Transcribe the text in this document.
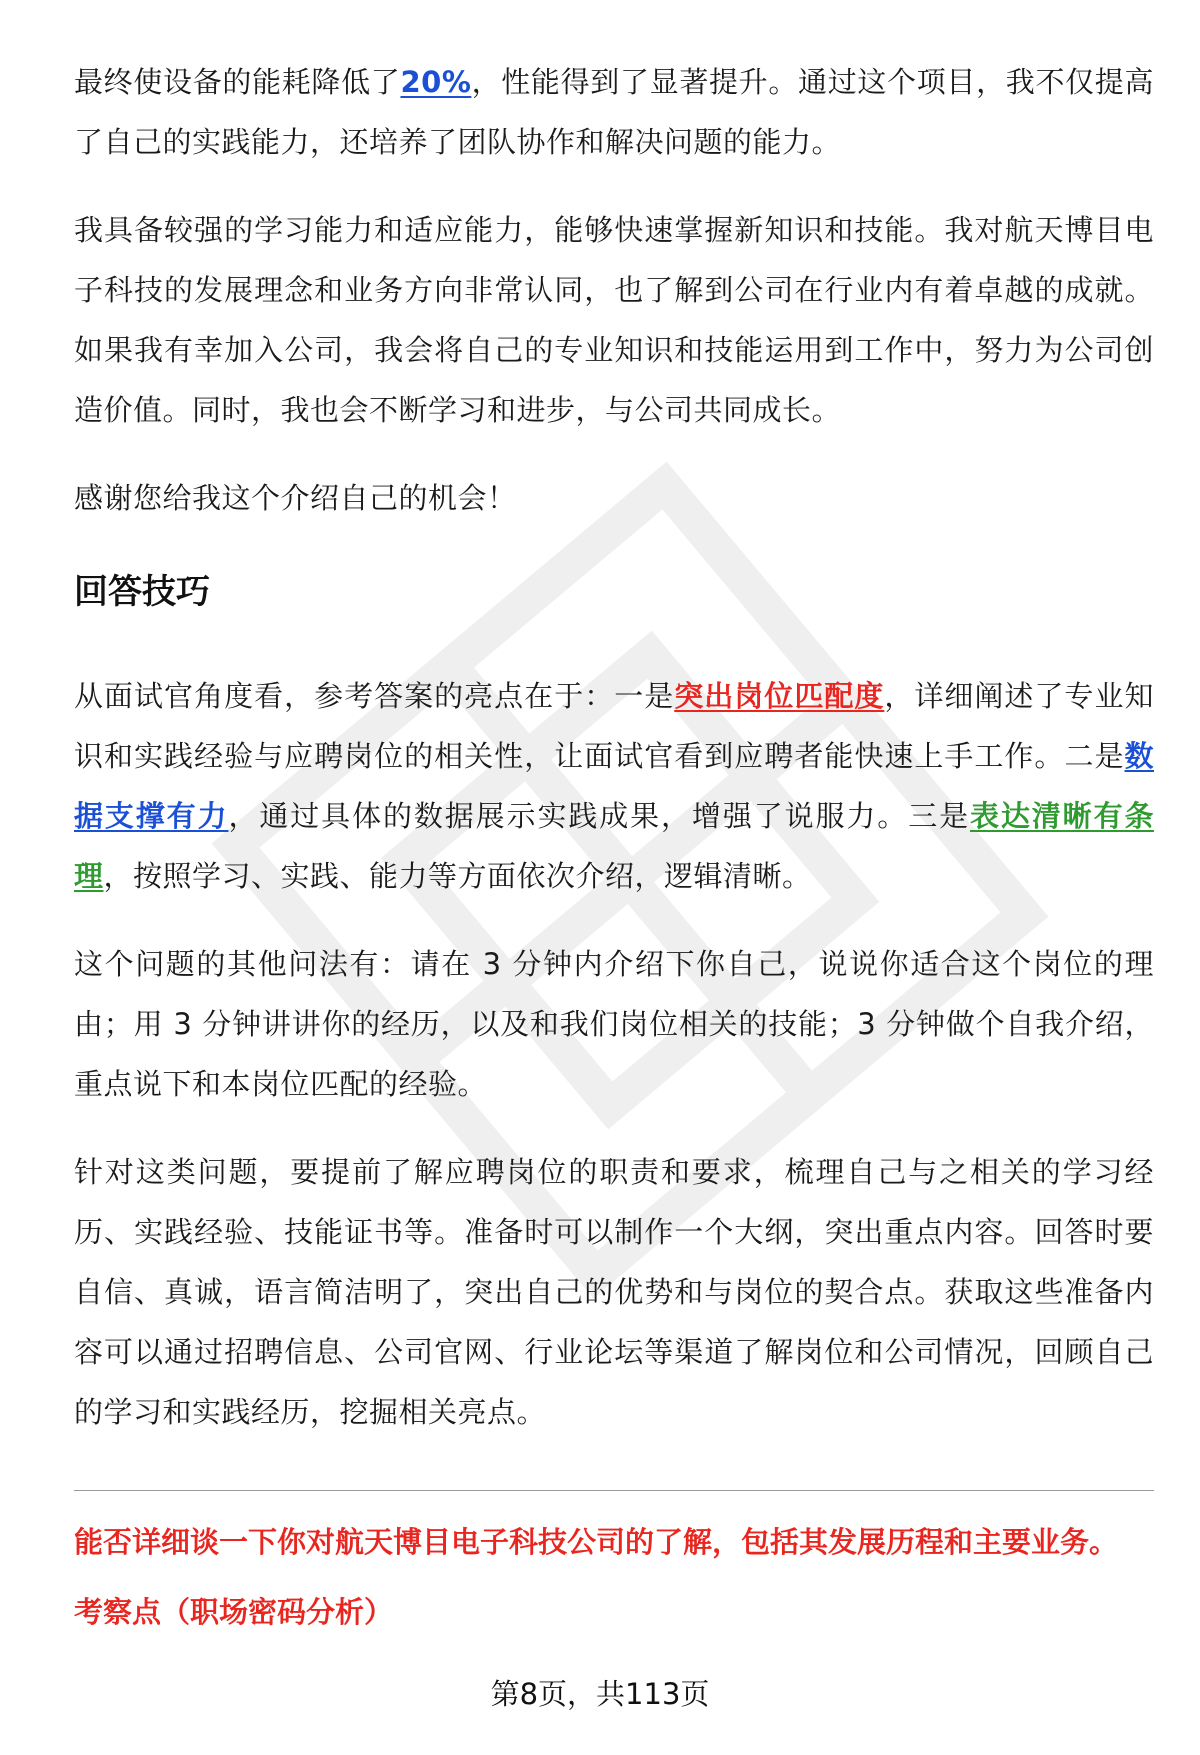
最终使设备的能耗降低了20%，性能得到了显著提升。通过这个项目，我不仅提高了自己的实践能力，还培养了团队协作和解决问题的能力。

我具备较强的学习能力和适应能力，能够快速掌握新知识和技能。我对航天博目电子科技的发展理念和业务方向非常认同，也了解到公司在行业内有着卓越的成就。如果我有幸加入公司，我会将自己的专业知识和技能运用到工作中，努力为公司创造价值。同时，我也会不断学习和进步，与公司共同成长。

感谢您给我这个介绍自己的机会！

回答技巧

从面试官角度看，参考答案的亮点在于：一是突出岗位匹配度，详细阐述了专业知识和实践经验与应聘岗位的相关性，让面试官看到应聘者能快速上手工作。二是数据支撑有力，通过具体的数据展示实践成果，增强了说服力。三是表达清晰有条理，按照学习、实践、能力等方面依次介绍，逻辑清晰。

这个问题的其他问法有：请在 3 分钟内介绍下你自己，说说你适合这个岗位的理由；用 3 分钟讲讲你的经历，以及和我们岗位相关的技能；3 分钟做个自我介绍，重点说下和本岗位匹配的经验。

针对这类问题，要提前了解应聘岗位的职责和要求，梳理自己与之相关的学习经历、实践经验、技能证书等。准备时可以制作一个大纲，突出重点内容。回答时要自信、真诚，语言简洁明了，突出自己的优势和与岗位的契合点。获取这些准备内容可以通过招聘信息、公司官网、行业论坛等渠道了解岗位和公司情况，回顾自己的学习和实践经历，挖掘相关亮点。

能否详细谈一下你对航天博目电子科技公司的了解，包括其发展历程和主要业务。
考察点（职场密码分析）
第8页，共113页
